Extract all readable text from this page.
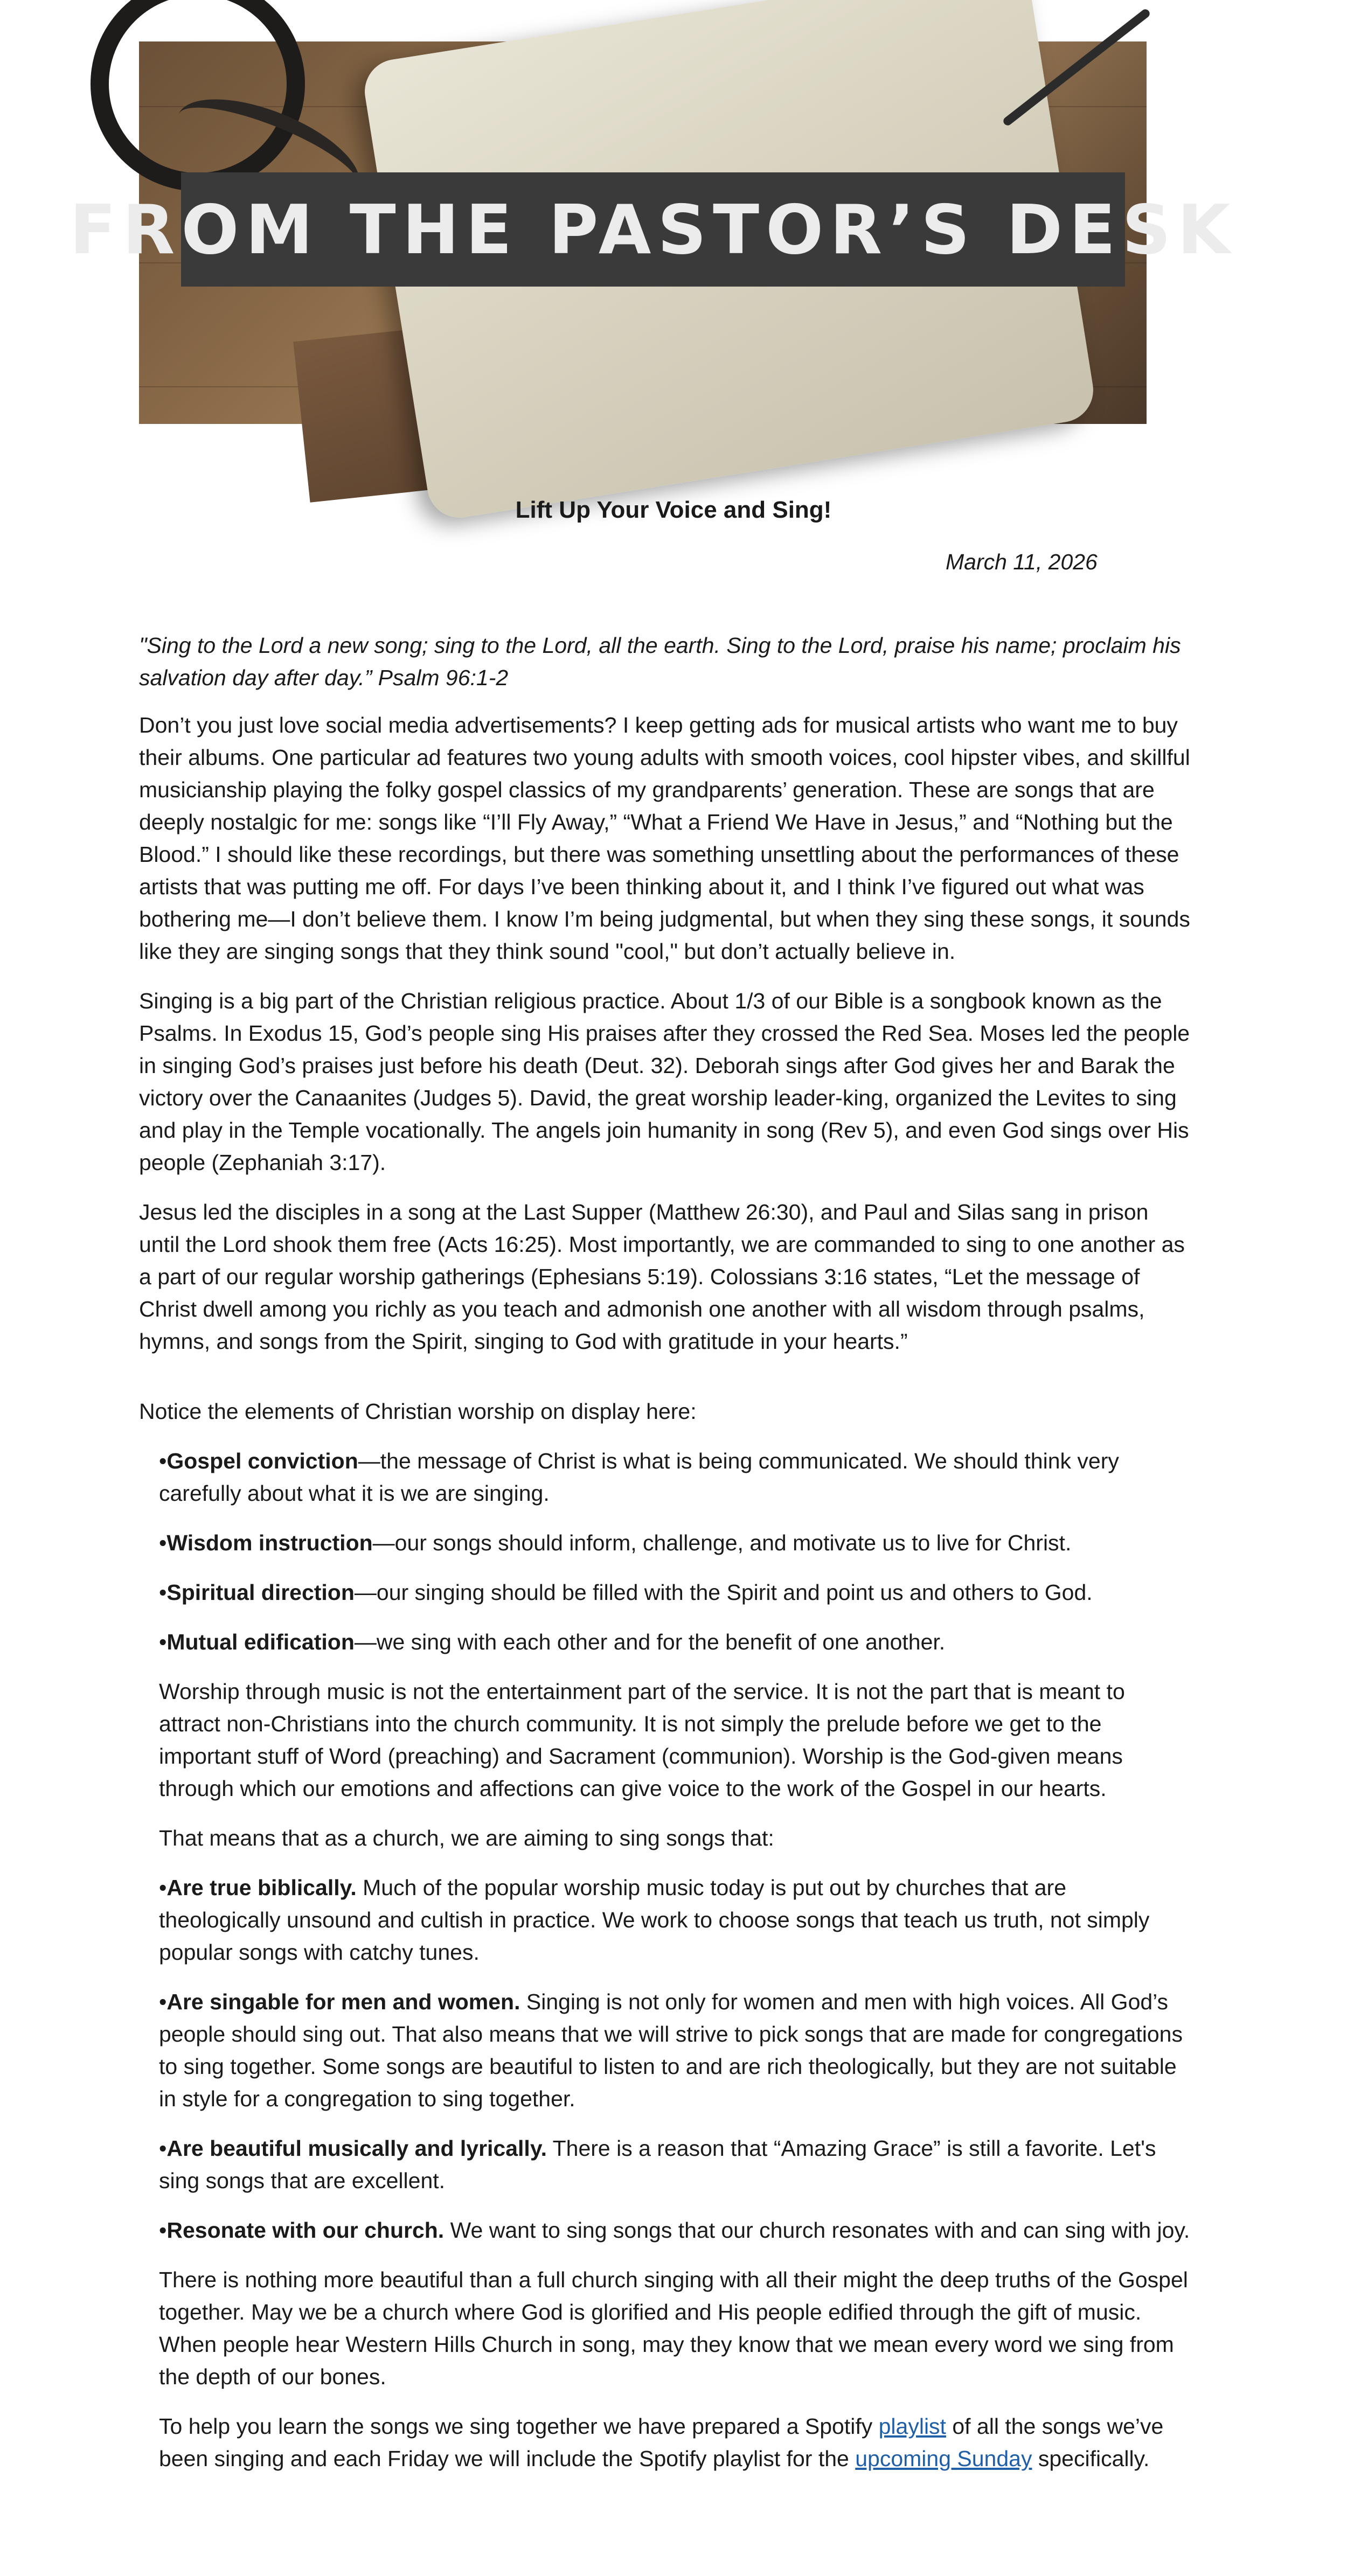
FROM THE PASTOR’S DESK
Lift Up Your Voice and Sing!
March 11, 2026

"Sing to the Lord a new song; sing to the Lord, all the earth. Sing to the Lord, praise his name; proclaim his salvation day after day.” Psalm 96:1-2

Don’t you just love social media advertisements? I keep getting ads for musical artists who want me to buy their albums. One particular ad features two young adults with smooth voices, cool hipster vibes, and skillful musicianship playing the folky gospel classics of my grandparents’ generation. These are songs that are deeply nostalgic for me: songs like “I’ll Fly Away,” “What a Friend We Have in Jesus,” and “Nothing but the Blood.” I should like these recordings, but there was something unsettling about the performances of these artists that was putting me off. For days I’ve been thinking about it, and I think I’ve figured out what was bothering me—I don’t believe them. I know I’m being judgmental, but when they sing these songs, it sounds like they are singing songs that they think sound "cool," but don’t actually believe in.

Singing is a big part of the Christian religious practice. About 1/3 of our Bible is a songbook known as the Psalms. In Exodus 15, God’s people sing His praises after they crossed the Red Sea. Moses led the people in singing God’s praises just before his death (Deut. 32). Deborah sings after God gives her and Barak the victory over the Canaanites (Judges 5). David, the great worship leader-king, organized the Levites to sing and play in the Temple vocationally. The angels join humanity in song (Rev 5), and even God sings over His people (Zephaniah 3:17).

Jesus led the disciples in a song at the Last Supper (Matthew 26:30), and Paul and Silas sang in prison until the Lord shook them free (Acts 16:25). Most importantly, we are commanded to sing to one another as a part of our regular worship gatherings (Ephesians 5:19). Colossians 3:16 states, “Let the message of Christ dwell among you richly as you teach and admonish one another with all wisdom through psalms, hymns, and songs from the Spirit, singing to God with gratitude in your hearts.”

Notice the elements of Christian worship on display here:

•Gospel conviction—the message of Christ is what is being communicated. We should think very carefully about what it is we are singing.

•Wisdom instruction—our songs should inform, challenge, and motivate us to live for Christ.

•Spiritual direction—our singing should be filled with the Spirit and point us and others to God.

•Mutual edification—we sing with each other and for the benefit of one another.

Worship through music is not the entertainment part of the service. It is not the part that is meant to attract non-Christians into the church community. It is not simply the prelude before we get to the important stuff of Word (preaching) and Sacrament (communion). Worship is the God-given means through which our emotions and affections can give voice to the work of the Gospel in our hearts.

That means that as a church, we are aiming to sing songs that:

•Are true biblically. Much of the popular worship music today is put out by churches that are theologically unsound and cultish in practice. We work to choose songs that teach us truth, not simply popular songs with catchy tunes.

•Are singable for men and women. Singing is not only for women and men with high voices. All God’s people should sing out. That also means that we will strive to pick songs that are made for congregations to sing together. Some songs are beautiful to listen to and are rich theologically, but they are not suitable in style for a congregation to sing together.

•Are beautiful musically and lyrically. There is a reason that “Amazing Grace” is still a favorite. Let's sing songs that are excellent.

•Resonate with our church. We want to sing songs that our church resonates with and can sing with joy.

There is nothing more beautiful than a full church singing with all their might the deep truths of the Gospel together. May we be a church where God is glorified and His people edified through the gift of music. When people hear Western Hills Church in song, may they know that we mean every word we sing from the depth of our bones.

To help you learn the songs we sing together we have prepared a Spotify playlist of all the songs we’ve been singing and each Friday we will include the Spotify playlist for the upcoming Sunday specifically.
